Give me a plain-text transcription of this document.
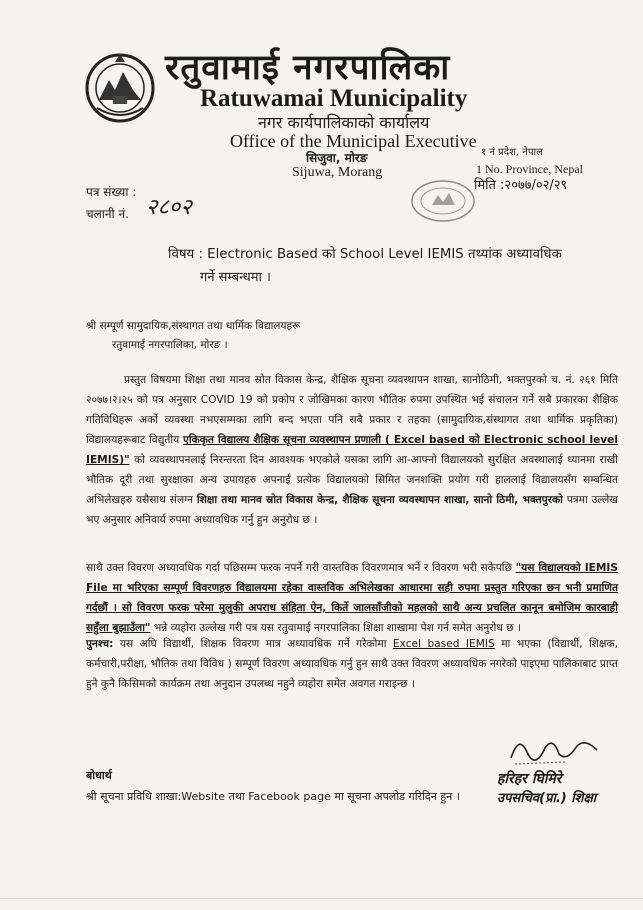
रतुवामाई नगरपालिका
Ratuwamai Municipality
नगर कार्यपालिकाको कार्यालय
Office of the Municipal Executive
सिजुवा, मोरङ
Sijuwa, Morang
१ नं प्रदेश, नेपाल
1 No. Province, Nepal
मिति :२०७७/०२/२९
पत्र संख्या :
चलानी नं. २८०२
विषय : Electronic Based को School Level IEMIS तथ्यांक अध्यावधिक
गर्ने सम्बन्धमा ।
श्री सम्पूर्ण सामुदायिक,संस्थागत तथा धार्मिक विद्यालयहरू
रतुवामाई नगरपालिका, मोरङ ।
प्रस्तुत विषयमा शिक्षा तथा मानव स्रोत विकास केन्द्र, शैक्षिक सूचना व्यवस्थापन शाखा, सानोठिमी, भक्तपुरको च. नं. २६१ मिति २०७७।२।२५ को पत्र अनुसार COVID 19 को प्रकोप र जोखिमका कारण भौतिक रुपमा उपस्थित भई संचालन गर्ने सबै प्रकारका शैक्षिक गतिविधिहरू अर्को व्यवस्था नभएसम्मका लागि बन्द भएता पनि सबै प्रकार र तहका (सामुदायिक,संस्थागत तथा धार्मिक प्रकृतिका) विद्यालयहरूबाट विद्युतीय एकिकृत विद्यालय शैक्षिक सूचना व्यवस्थापन प्रणाली ( Excel based को Electronic school level IEMIS)" को व्यवस्थापनलाई निरन्तरता दिन आवश्यक भएकोले यसका लागि आ-आफ्नो विद्यालयको सुरक्षित अवस्थालाई ध्यानमा राखी भौतिक दूरी तथा सुरक्षाका अन्य उपायहरु अपनाई प्रत्येक विद्यालयको सिमित जनशक्ति प्रयोग गरी हाललाई विद्यालयसँग सम्बन्धित अभिलेखहरु यसैसाथ संलग्न शिक्षा तथा मानव स्रोत विकास केन्द्र, शैक्षिक सूचना व्यवस्थापन शाखा, सानो ठिमी, भक्तपुरको पत्रमा उल्लेख भए अनुसार अनिवार्य रुपमा अध्यावधिक गर्नु हुन अनुरोध छ ।
साथै उक्त विवरण अध्यावधिक गर्दा पछिसम्म फरक नपर्ने गरी वास्तविक विवरणमात्र भर्ने र विवरण भरी सकेपछि "यस विद्यालयको IEMIS File मा भरिएका सम्पूर्ण विवरणहरु विद्यालयमा रहेका वास्तविक अभिलेखका आधारमा सही रुपमा प्रस्तुत गरिएका छन भनी प्रमाणित गर्दछौं । सो विवरण फरक परेमा मुलुकी अपराध संहिता ऐन, किर्ते जालसाँजीको महलको साथै अन्य प्रचलित कानून बमोजिम कारबाही सहुँला बुझाउँला" भन्ने व्यहोरा उल्लेख गरी पत्र यस रतुवामाई नगरपालिका शिक्षा शाखामा पेश गर्न समेत अनुरोध छ ।
पुनश्च: यस अघि विद्यार्थी, शिक्षक विवरण मात्र अध्यावधिक गर्ने गरेकोमा Excel based IEMIS मा भएका (विद्यार्थी, शिक्षक, कर्मचारी,परीक्षा, भौतिक तथा विविध ) सम्पूर्ण विवरण अध्यावधिक गर्नु हुन साथै उक्त विवरण अध्यावधिक नगरेको पाइएमा पालिकाबाट प्राप्त हुने कुनै किसिमको कार्यक्रम तथा अनुदान उपलब्ध नहुने व्यहोरा समेत अवगत गराइन्छ ।
हरिहर घिमिरे
उपसचिव(प्रा.) शिक्षा
बोधार्थ
श्री सूचना प्रविधि शाखा:Website तथा Facebook page मा सूचना अपलोड गरिदिन हुन ।
